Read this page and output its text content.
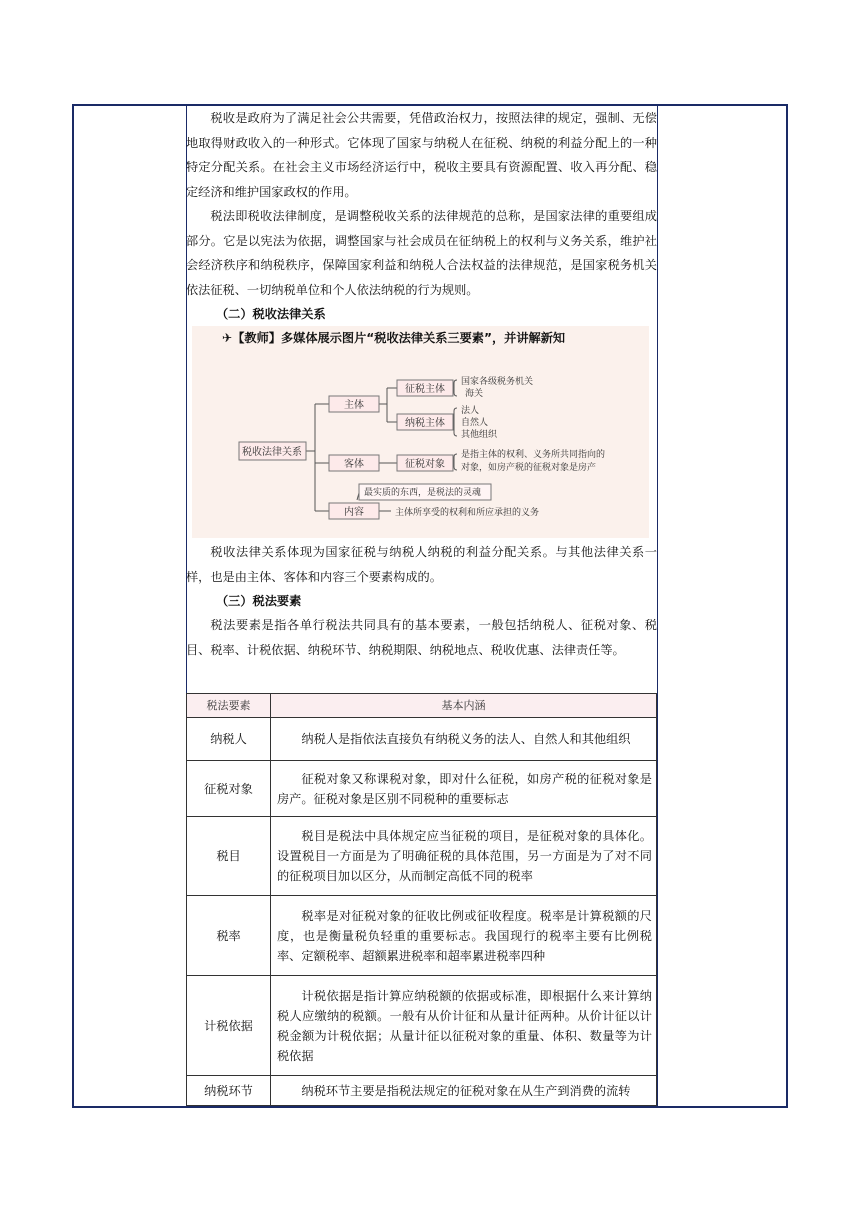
税收是政府为了满足社会公共需要，凭借政治权力，按照法律的规定，强制、无偿地取得财政收入的一种形式。它体现了国家与纳税人在征税、纳税的利益分配上的一种特定分配关系。在社会主义市场经济运行中，税收主要具有资源配置、收入再分配、稳定经济和维护国家政权的作用。

税法即税收法律制度，是调整税收关系的法律规范的总称，是国家法律的重要组成部分。它是以宪法为依据，调整国家与社会成员在征纳税上的权利与义务关系，维护社会经济秩序和纳税秩序，保障国家利益和纳税人合法权益的法律规范，是国家税务机关依法征税、一切纳税单位和个人依法纳税的行为规则。

（二）税收法律关系

✈【教师】多媒体展示图片“税收法律关系三要素”，并讲解新知
税收法律关系
主体
客体
内容
征税主体
纳税主体
征税对象
国家各级税务机关
海关
法人
自然人
其他组织
是指主体的权利、义务所共同指向的
对象，如房产税的征税对象是房产
最实质的东西，是税法的灵魂
主体所享受的权利和所应承担的义务

税收法律关系体现为国家征税与纳税人纳税的利益分配关系。与其他法律关系一样，也是由主体、客体和内容三个要素构成的。

（三）税法要素

税法要素是指各单行税法共同具有的基本要素，一般包括纳税人、征税对象、税目、税率、计税依据、纳税环节、纳税期限、纳税地点、税收优惠、法律责任等。

税法要素	基本内涵
纳税人	纳税人是指依法直接负有纳税义务的法人、自然人和其他组织
征税对象	征税对象又称课税对象，即对什么征税，如房产税的征税对象是房产。征税对象是区别不同税种的重要标志
税目	税目是税法中具体规定应当征税的项目，是征税对象的具体化。设置税目一方面是为了明确征税的具体范围，另一方面是为了对不同的征税项目加以区分，从而制定高低不同的税率
税率	税率是对征税对象的征收比例或征收程度。税率是计算税额的尺度，也是衡量税负轻重的重要标志。我国现行的税率主要有比例税率、定额税率、超额累进税率和超率累进税率四种
计税依据	计税依据是指计算应纳税额的依据或标准，即根据什么来计算纳税人应缴纳的税额。一般有从价计征和从量计征两种。从价计征以计税金额为计税依据；从量计征以征税对象的重量、体积、数量等为计税依据
纳税环节	纳税环节主要是指税法规定的征税对象在从生产到消费的流转
